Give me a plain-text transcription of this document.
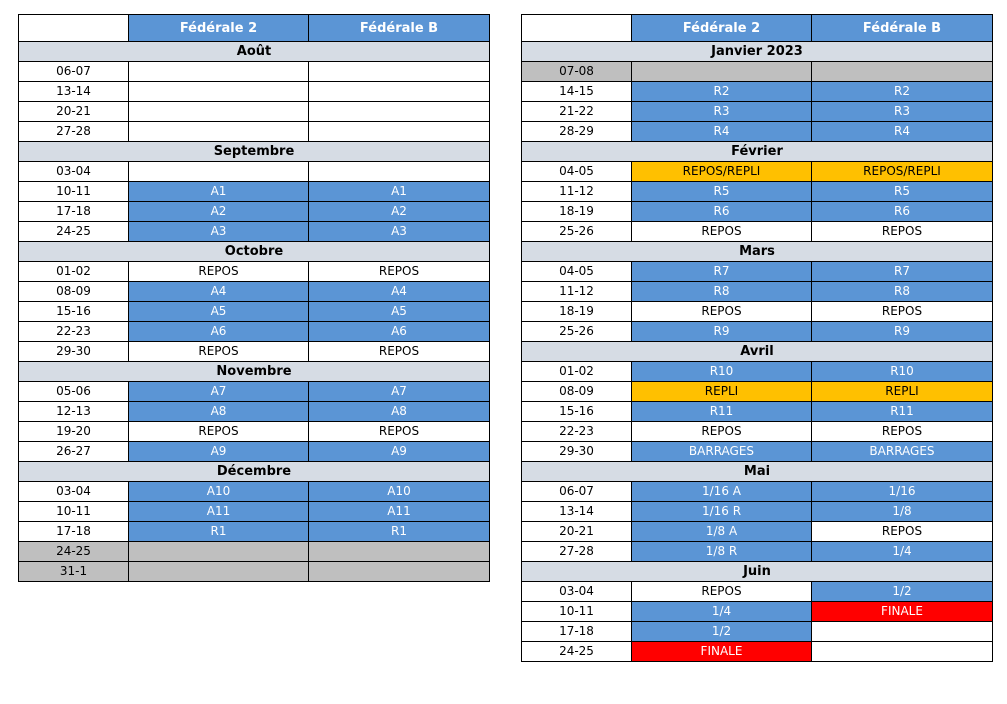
	Fédérale 2	Fédérale B
Août		
06-07		
13-14		
20-21		
27-28		
Septembre		
03-04		
10-11	A1	A1
17-18	A2	A2
24-25	A3	A3
Octobre		
01-02	REPOS	REPOS
08-09	A4	A4
15-16	A5	A5
22-23	A6	A6
29-30	REPOS	REPOS
Novembre		
05-06	A7	A7
12-13	A8	A8
19-20	REPOS	REPOS
26-27	A9	A9
Décembre		
03-04	A10	A10
10-11	A11	A11
17-18	R1	R1
24-25		
31-1		
	Fédérale 2	Fédérale B
Janvier 2023		
07-08		
14-15	R2	R2
21-22	R3	R3
28-29	R4	R4
Février		
04-05	REPOS/REPLI	REPOS/REPLI
11-12	R5	R5
18-19	R6	R6
25-26	REPOS	REPOS
Mars		
04-05	R7	R7
11-12	R8	R8
18-19	REPOS	REPOS
25-26	R9	R9
Avril		
01-02	R10	R10
08-09	REPLI	REPLI
15-16	R11	R11
22-23	REPOS	REPOS
29-30	BARRAGES	BARRAGES
Mai		
06-07	1/16 A	1/16
13-14	1/16 R	1/8
20-21	1/8 A	REPOS
27-28	1/8 R	1/4
Juin		
03-04	REPOS	1/2
10-11	1/4	FINALE
17-18	1/2	
24-25	FINALE	
